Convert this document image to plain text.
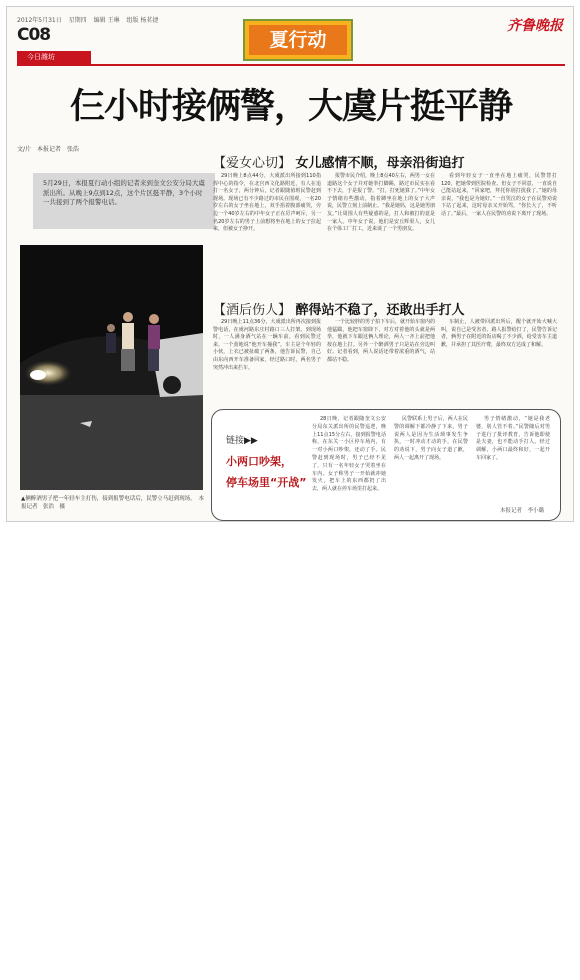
2012年5月31日 星期四 编辑 王琳 组版 杨茗捷
C08	夏行动
齐鲁晚报
今日潍坊
仨小时接俩警，大虞片挺平静
文/片　本报记者　张浩
5月29日，本报夏行动小组的记者来到奎文公安分局大虞派出所。从晚上9点到12点，这个片区挺平静，3个小时一共接到了两个报警电话。
▲俩醉酒男子把一年轻车主打伤，接到报警电话后，民警立马赶到现场。　本报记者　张浩　摄
【爱女心切】 女儿感情不顺，母亲沿街追打
29日晚上8点44分，大虞派出所接到110指挥中心的指令，在北宫西文化路附近，有人在追打一名女子，两分钟后，记者跟随值班民警赶到现场。现场已有不少路过的市民在围观，一名20岁左右的女子坐在地上，双手捂着腹部痛哭，旁边一个40岁左右的中年女子正在厉声呵斥，另一名20岁左右的男子上前想将坐在地上的女子拉起来，但被女子挣开。
报警市民介绍，晚上8点40左右，两男一女在道路这个女子并对她拳打脚踢，路过市民实在看不下去，于是报了警。“打，打死她算了。”中年女子情绪有些激动，指着蹲坐在地上的女子大声说，民警立刻上前制止。“我是她妈，这是她男朋友。”让周围人有些疑惑的是，打人和被打的竟是一家人。中年女子说，他们是安丘辉渠人，女儿在个体工厂打工，近来谈了一个男朋友。
看到年轻女子一直坐在地上痛哭，民警替打120，把她带到医院检查。但女子不同意，一直说自己能站起来，“回家吧，拜托你别打扰我了。”她的母亲说，“我也是为她好。”一直哭泣的女子在民警劝说下站了起来，这时母亲又开始骂，“你长大了，不听话了。”最后，一家人在民警的劝说下离开了现场。
【酒后伤人】 醉得站不稳了，还敢出手打人
29日晚上11点36分，大虞派出所再次接到报警电话，在虞河路东庄村路口三人打架。到现场时，一人满身酒气站在一辆车前，看到民警过来，一个劲地说“他开车撞我”。车主是个年轻的小伙，上衣已被扯破了两条，他告诉民警，自己由东向西开车准备回家，经过路口时，两名男子突然冲出来拦车。
一个比较胖的男子拍下车后，就开始车窗内的他猛踹，他把车窗降下，对方对着他的头就是两拳，他就下车跟这俩人理论，两人一齐上前把他按在地上打。另外一个醉酒男子只是站在旁边叫好。记者看到，两人说话还带着浓重的酒气，站都站不稳。
车制止，人被带回派出所后，醒个就开始大喊大叫，说自己是受害者，路人报警给打了，民警告诉记者，俩男子在附近的饭店喝了不少酒，给受害车主道歉，并承担了其医疗费，最终双方达成了和解。
链接▶▶
小两口吵架，
停车场里“开战”
28日晚，记者跟随奎文公安分局东关派出所的民警巡逻，晚上11点15分左右，接到报警电话称，在东关一小区停车场内，有一对小两口吵架，还动了手。民警赶到现场时，男子已经不见了，只有一名年轻女子哭着坐在车内。女子称男子一开始就冲她发火，把车上的东西都扔了出去，两人就在停车场里打起来。
民警联系上男子后，两人在民警的调解下都冷静了下来，男子说两人是因为生活琐事发生争执，一时冲动才动的手。在民警的劝说下，男子向女子道了歉，两人一起离开了现场。
男子情绪激动，“她是我老婆，别人管不着。”民警随后对男子进行了批评教育，告诉他即使是夫妻，也不能动手打人。经过调解，小两口最终和好，一起开车回家了。
本报记者　李小璐
